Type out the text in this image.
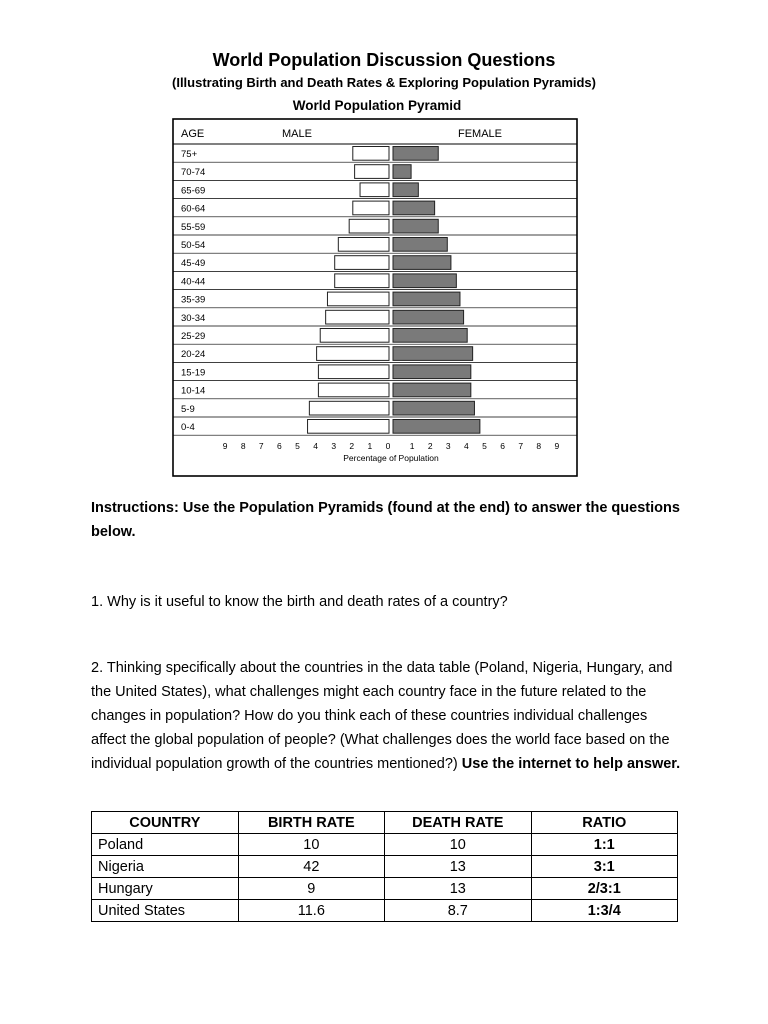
World Population Discussion Questions

(Illustrating Birth and Death Rates & Exploring Population Pyramids)

World Population Pyramid
AGE	MALE	FEMALE
75+
70-74
65-69
60-64
55-59
50-54
45-49
40-44
35-39
30-34
25-29
20-24
15-19
10-14
5-9
0-4
9 8 7 6 5 4 3 2 1 0 1 2 3 4 5 6 7 8 9
Percentage of Population

Instructions: Use the Population Pyramids (found at the end) to answer the questions below.

1. Why is it useful to know the birth and death rates of a country?

2. Thinking specifically about the countries in the data table (Poland, Nigeria, Hungary, and the United States), what challenges might each country face in the future related to the changes in population? How do you think each of these countries individual challenges affect the global population of people? (What challenges does the world face based on the individual population growth of the countries mentioned?) Use the internet to help answer.

COUNTRY	BIRTH RATE	DEATH RATE	RATIO
Poland	10	10	1:1
Nigeria	42	13	3:1
Hungary	9	13	2/3:1
United States	11.6	8.7	1:3/4
